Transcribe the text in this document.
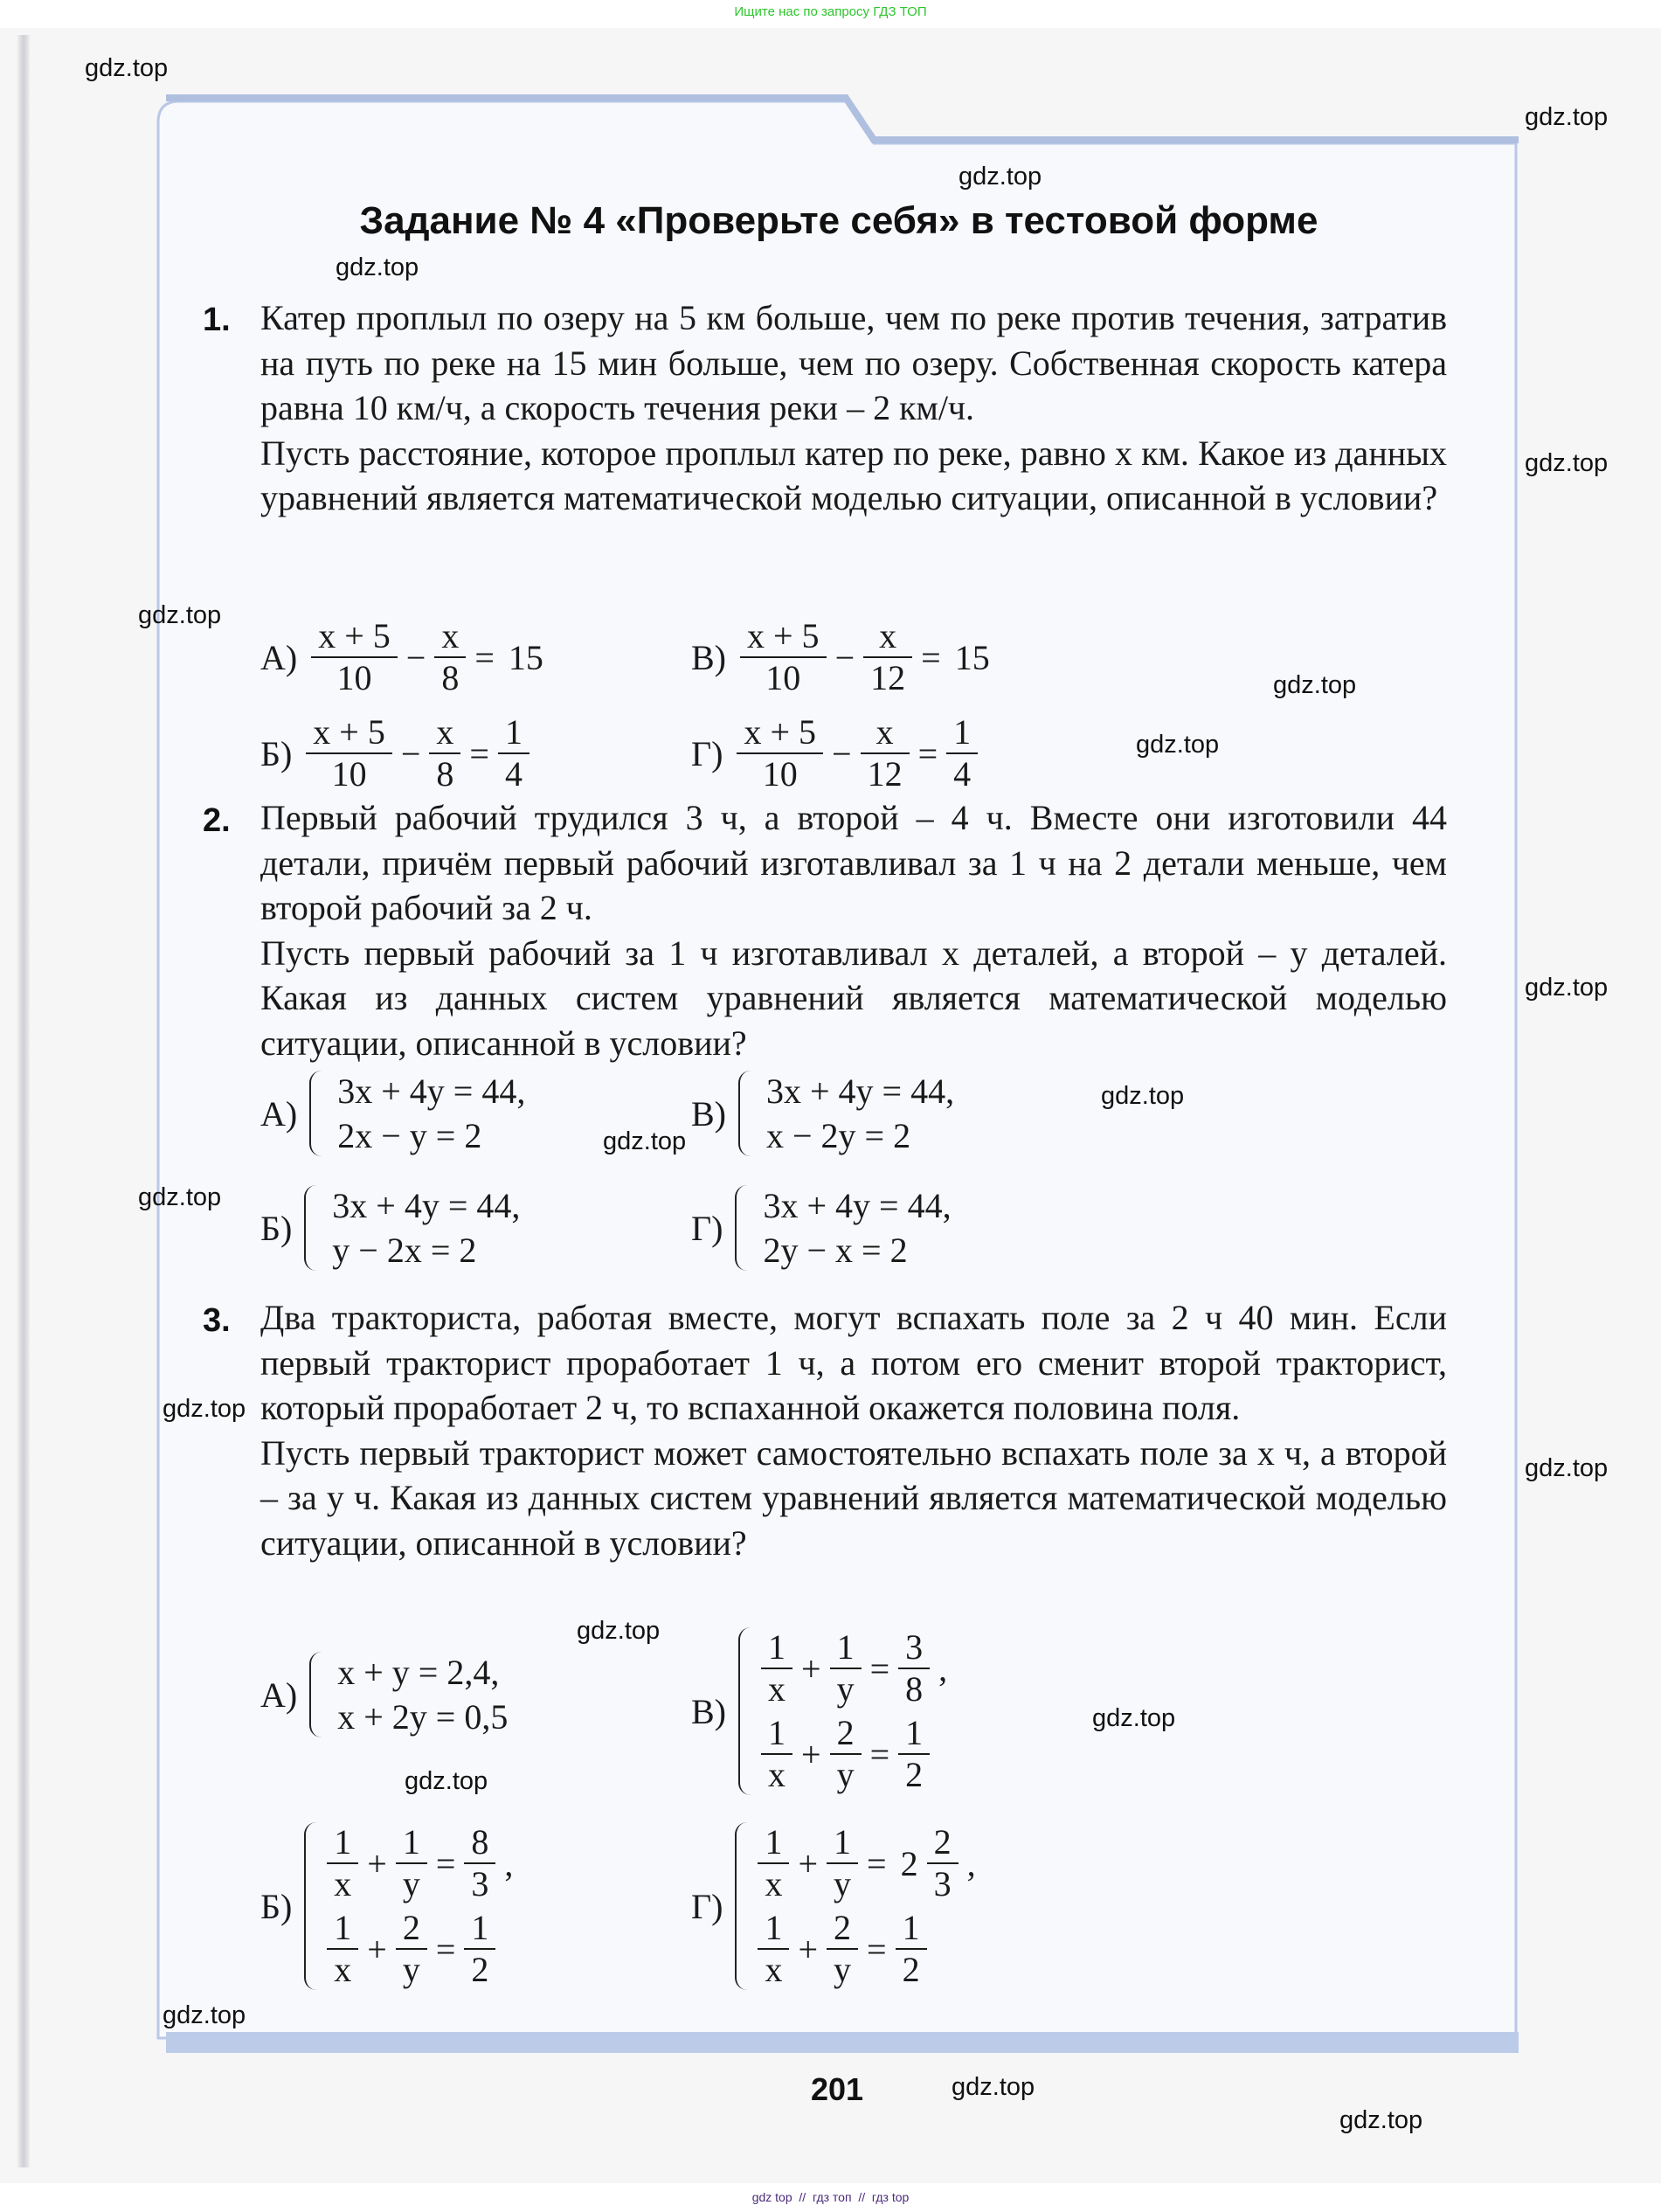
Ищите нас по запросу ГДЗ ТОП
Задание № 4 «Проверьте себя» в тестовой форме
1. Катер проплыл по озеру на 5 км больше, чем по реке против течения, затратив на путь по реке на 15 мин больше, чем по озеру. Собственная скорость катера равна 10 км/ч, а скорость течения реки – 2 км/ч.

Пусть расстояние, которое проплыл катер по реке, равно x км. Какое из данных уравнений является математической моделью ситуации, описанной в условии?

$А) \frac{x + 5}{10} - \frac{x}{8} = 15$	$В) \frac{x + 5}{10} - \frac{x}{12} = 15$
$Б) \frac{x + 5}{10} - \frac{x}{8} = \frac{1}{4}$	$Г) \frac{x + 5}{10} - \frac{x}{12} = \frac{1}{4}$
2. Первый рабочий трудился 3 ч, а второй – 4 ч. Вместе они изготовили 44 детали, причём первый рабочий изготавливал за 1 ч на 2 детали меньше, чем второй рабочий за 2 ч.

Пусть первый рабочий за 1 ч изготавливал x деталей, а второй – y деталей. Какая из данных систем уравнений является математической моделью ситуации, описанной в условии?

А)
3x + 4y = 44,
2x − y = 2
В)
3x + 4y = 44,
x − 2y = 2
Б)
3x + 4y = 44,
y − 2x = 2
Г)
3x + 4y = 44,
2y − x = 2
3. Два тракториста, работая вместе, могут вспахать поле за 2 ч 40 мин. Если первый тракторист проработает 1 ч, а потом его сменит второй тракторист, который проработает 2 ч, то вспаханной окажется половина поля.

Пусть первый тракторист может самостоятельно вспахать поле за x ч, а второй – за y ч. Какая из данных систем уравнений является математической моделью ситуации, описанной в условии?

А)
x + y = 2,4,
x + 2y = 0,5	В)
$\frac{1}{x} + \frac{1}{y} = \frac{3}{8}$ ,
$\frac{1}{x} + \frac{2}{y} = \frac{1}{2}$
Б)
$\frac{1}{x} + \frac{1}{y} = \frac{8}{3}$ ,
$\frac{1}{x} + \frac{2}{y} = \frac{1}{2}$
Г)
$\frac{1}{x} + \frac{1}{y} = 2 \frac{2}{3}$ ,
$\frac{1}{x} + \frac{2}{y} = \frac{1}{2}$
201
gdz.top
gdz.top
gdz.top
gdz.top
gdz.top
gdz.top
gdz.top
gdz.top
gdz.top
gdz.top
gdz.top
gdz.top
gdz.top
gdz.top
gdz.top
gdz.top
gdz.top
gdz.top
gdz.top
gdz.top
gdz top  //  гдз топ  //  гдз top
